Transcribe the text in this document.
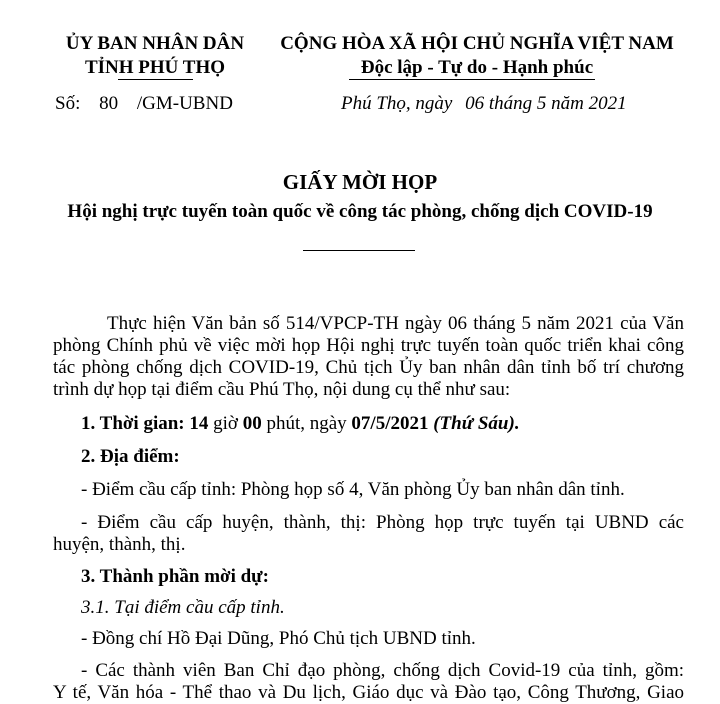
ỦY BAN NHÂN DÂN
TỈNH PHÚ THỌ
CỘNG HÒA XÃ HỘI CHỦ NGHĨA VIỆT NAM
Độc lập - Tự do - Hạnh phúc
Số: 80 /GM-UBND	Phú Thọ, ngày 06 tháng 5 năm 2021
GIẤY MỜI HỌP
Hội nghị trực tuyến toàn quốc về công tác phòng, chống dịch COVID-19
Thực hiện Văn bản số 514/VPCP-TH ngày 06 tháng 5 năm 2021 của Văn
phòng Chính phủ về việc mời họp Hội nghị trực tuyến toàn quốc triển khai công
tác phòng chống dịch COVID-19, Chủ tịch Ủy ban nhân dân tỉnh bố trí chương
trình dự họp tại điểm cầu Phú Thọ, nội dung cụ thể như sau:
1. Thời gian: 14 giờ 00 phút, ngày 07/5/2021 (Thứ Sáu).
2. Địa điểm:
- Điểm cầu cấp tỉnh: Phòng họp số 4, Văn phòng Ủy ban nhân dân tỉnh.
- Điểm cầu cấp huyện, thành, thị: Phòng họp trực tuyến tại UBND các
huyện, thành, thị.
3. Thành phần mời dự:
3.1. Tại điểm cầu cấp tỉnh.
- Đồng chí Hồ Đại Dũng, Phó Chủ tịch UBND tỉnh.
- Các thành viên Ban Chỉ đạo phòng, chống dịch Covid-19 của tỉnh, gồm:
Y tế, Văn hóa - Thể thao và Du lịch, Giáo dục và Đào tạo, Công Thương, Giao
